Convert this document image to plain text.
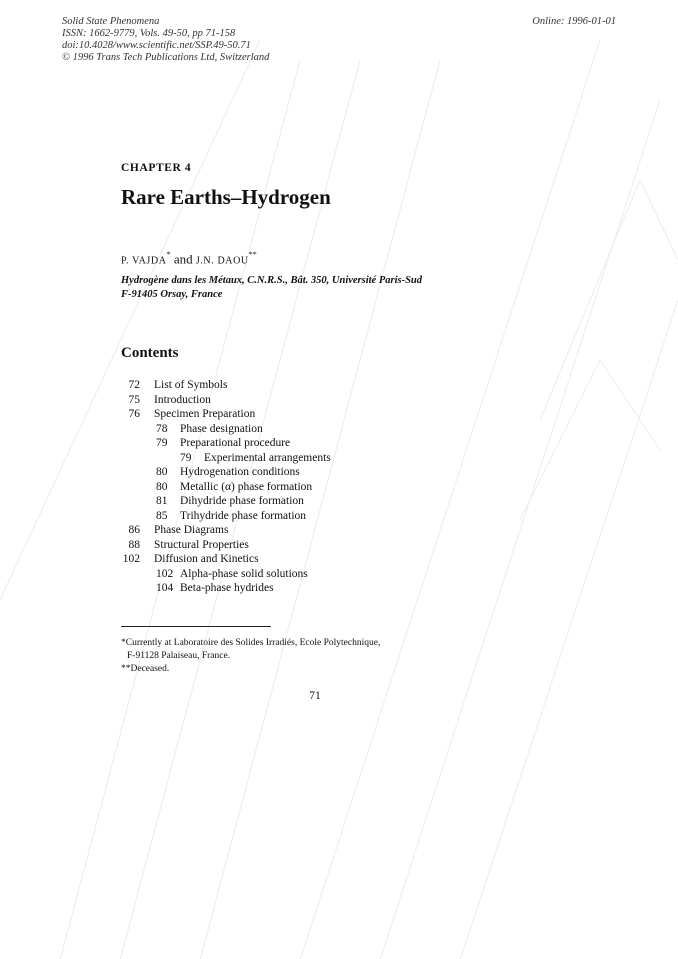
Solid State Phenomena
ISSN: 1662-9779, Vols. 49-50, pp 71-158
doi:10.4028/www.scientific.net/SSP.49-50.71
© 1996 Trans Tech Publications Ltd, Switzerland
Online: 1996-01-01
CHAPTER 4
Rare Earths–Hydrogen
P. VAJDA* and J.N. DAOU**
Hydrogène dans les Métaux, C.N.R.S., Bât. 350, Université Paris-Sud
F-91405 Orsay, France
Contents
72 List of Symbols
75 Introduction
76 Specimen Preparation
78 Phase designation
79 Preparational procedure
79 Experimental arrangements
80 Hydrogenation conditions
80 Metallic (α) phase formation
81 Dihydride phase formation
85 Trihydride phase formation
86 Phase Diagrams
88 Structural Properties
102 Diffusion and Kinetics
102 Alpha-phase solid solutions
104 Beta-phase hydrides
*Currently at Laboratoire des Solides Irradiés, Ecole Polytechnique,
F-91128 Palaiseau, France.
**Deceased.
71
